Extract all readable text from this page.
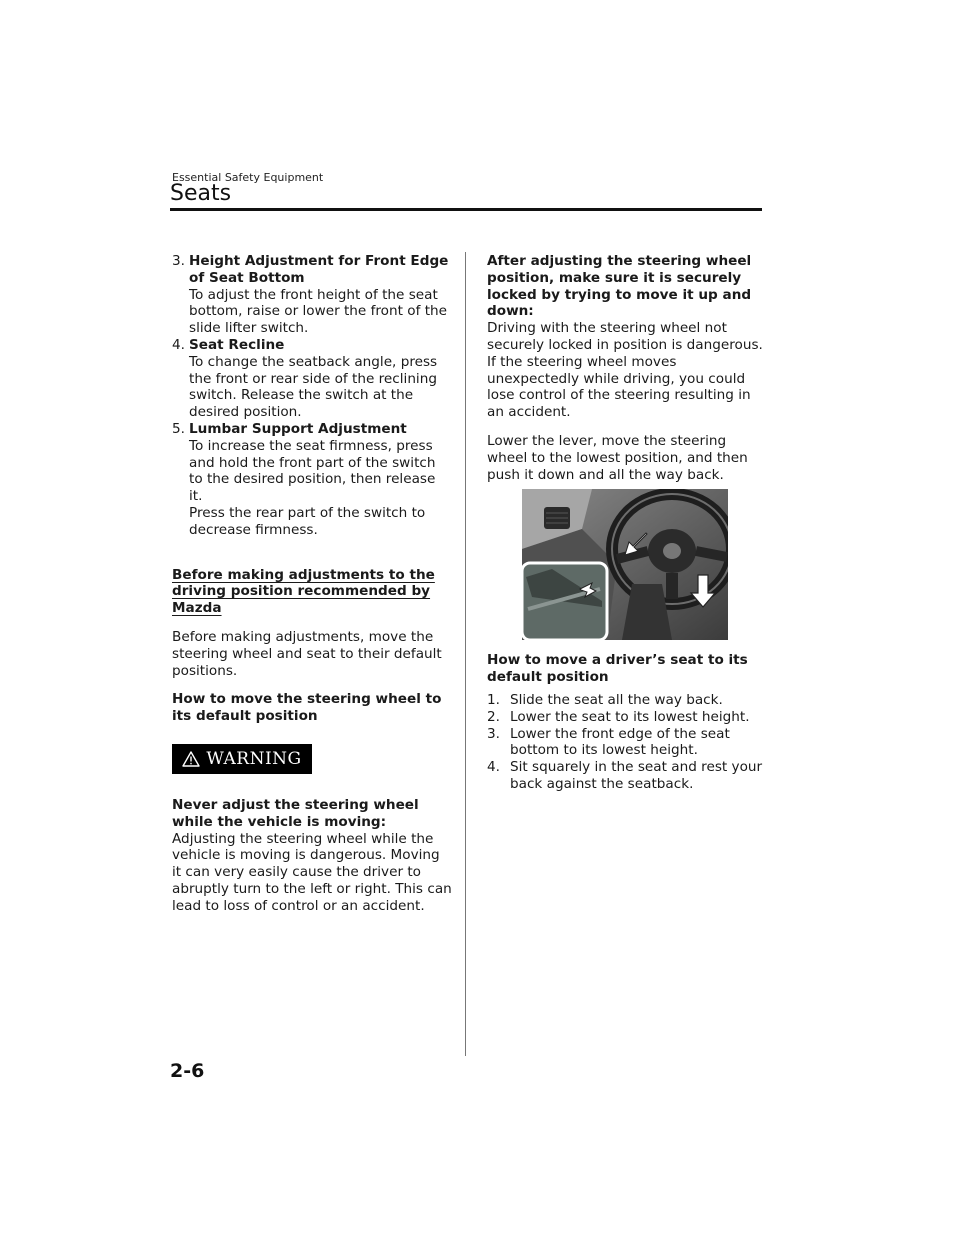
Essential Safety Equipment
Seats
3. Height Adjustment for Front Edge of Seat Bottom

To adjust the front height of the seat bottom, raise or lower the front of the slide lifter switch.

4. Seat Recline

To change the seatback angle, press the front or rear side of the reclining switch. Release the switch at the desired position.

5. Lumbar Support Adjustment

To increase the seat firmness, press and hold the front part of the switch to the desired position, then release it.

Press the rear part of the switch to decrease firmness.

Before making adjustments to the driving position recommended by Mazda

Before making adjustments, move the steering wheel and seat to their default positions.

How to move the steering wheel to its default position

WARNING

Never adjust the steering wheel while the vehicle is moving:

Adjusting the steering wheel while the vehicle is moving is dangerous. Moving it can very easily cause the driver to abruptly turn to the left or right. This can lead to loss of control or an accident.

After adjusting the steering wheel position, make sure it is securely locked by trying to move it up and down:

Driving with the steering wheel not securely locked in position is dangerous. If the steering wheel moves unexpectedly while driving, you could lose control of the steering resulting in an accident.

Lower the lever, move the steering wheel to the lowest position, and then push it down and all the way back.

How to move a driver’s seat to its default position

1. Slide the seat all the way back.

2. Lower the seat to its lowest height.

3. Lower the front edge of the seat bottom to its lowest height.

4. Sit squarely in the seat and rest your back against the seatback.

2-6
